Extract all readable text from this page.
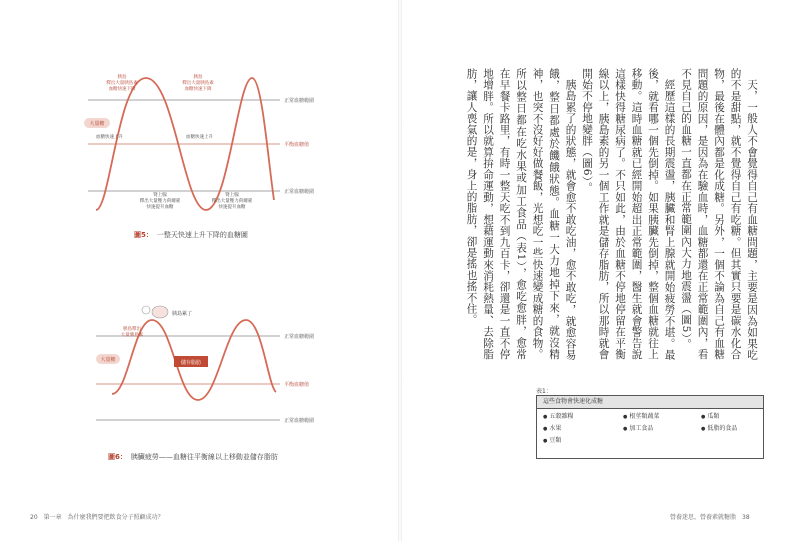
正常血糖範圍
平衡血糖值
正常血糖範圍
胰島
釋出大量胰島素
血糖快速下降
胰島
釋出大量胰島素
血糖快速下降
大量糖
血糖快速上升	血糖快速上升
腎上腺
釋出大量壓力荷爾蒙
快速提升血糖
腎上腺
釋出大量壓力荷爾蒙
快速提升血糖
圖5： 一整天快速上升下降的血糖圖
胰島累了
胰島釋出
大量胰島素
大量糖	儲存脂肪
正常血糖範圍
平衡血糖值
正常血糖範圍
圖6： 胰臟疲勞——血糖往平衡線以上移動並儲存脂肪
20　第一章　為什麼我們要把飲食分子照顧成功？

天，一般人不會覺得自己有血糖問題，主要是因為如果吃的不是甜點，就不覺得自己有吃糖。但其實只要是碳水化合物，最後在體內都是化成糖。另外，一個不論為自己有血糖問題的原因，是因為在驗血時，血糖都還在正常範圍內，看不見自己的血糖一直都在正常範圍內大力地震盪（圖5）。

經歷這樣的長期震盪，胰臟和腎上腺就開始疲勞不堪。最後，就看哪一個先倒掉。如果胰臟先倒掉，整個血糖就往上移動。這時血糖就已經開始超出正常範圍，醫生就會警告說這樣快得糖尿病了。不只如此，由於血糖不停地停留在平衡線以上，胰島素的另一個工作就是儲存脂肪，所以那時就會開始不停地變胖（圖6）。

胰島累了的狀態，就會愈不敢吃油，愈不敢吃，就愈容易餓，整日都處於饑餓狀態。血糖一大力地掉下來，就沒精神，也突不沒好好做餐飯，光想吃一些快速變成糖的食物。所以整日都在吃水果或加工食品（表1），愈吃愈胖，愈常在早餐卡路里，有時一整天吃不到九百卡，卻還是一直不停地增胖。所以就算拚命運動，想藉運動來消耗熱量、去除脂肪，讓人喪氣的是，身上的脂肪，卻是搖也搖不住。

表1：
這些食物會快速化成糖
● 五穀雜糧	● 根莖類蔬菜	● 瓜類
● 水果	● 加工食品	● 低脂的食品
● 豆類
營養迷思，營養素就糖脂　38
